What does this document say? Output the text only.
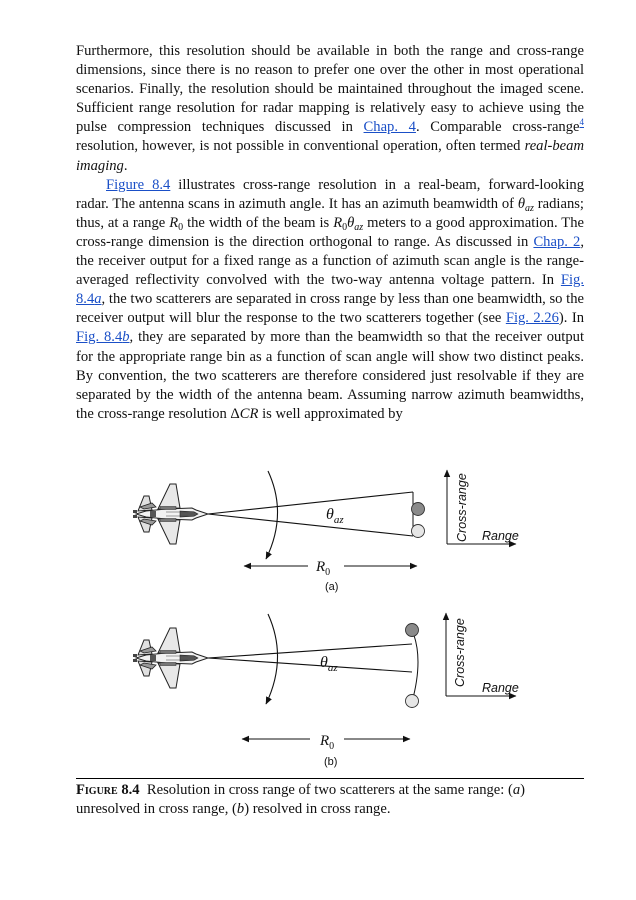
Furthermore, this resolution should be available in both the range and cross-range dimensions, since there is no reason to prefer one over the other in most operational scenarios. Finally, the resolution should be maintained throughout the imaged scene. Sufficient range resolution for radar mapping is relatively easy to achieve using the pulse compression techniques discussed in Chap. 4. Comparable cross-range$^4$ resolution, however, is not possible in conventional operation, often termed real-beam imaging.

Figure 8.4 illustrates cross-range resolution in a real-beam, forward-looking radar. The antenna scans in azimuth angle. It has an azimuth beamwidth of $\theta_{az}$ radians; thus, at a range $R_0$ the width of the beam is $R_0\theta_{az}$ meters to a good approximation. The cross-range dimension is the direction orthogonal to range. As discussed in Chap. 2, the receiver output for a fixed range as a function of azimuth scan angle is the range-averaged reflectivity convolved with the two-way antenna voltage pattern. In Fig. 8.4a, the two scatterers are separated in cross range by less than one beamwidth, so the receiver output will blur the response to the two scatterers together (see Fig. 2.26). In Fig. 8.4b, they are separated by more than the beamwidth so that the receiver output for the appropriate range bin as a function of scan angle will show two distinct peaks. By convention, the two scatterers are therefore considered just resolvable if they are separated by the width of the antenna beam. Assuming narrow azimuth beamwidths, the cross-range resolution ΔCR is well approximated by

$\theta_{az}$
$R_0$
(a)
Cross-range Range
$\theta_{az}$
$R_0$
(b)
Cross-range
Range
Figure 8.4 Resolution in cross range of two scatterers at the same range: (a) unresolved in cross range, (b) resolved in cross range.
